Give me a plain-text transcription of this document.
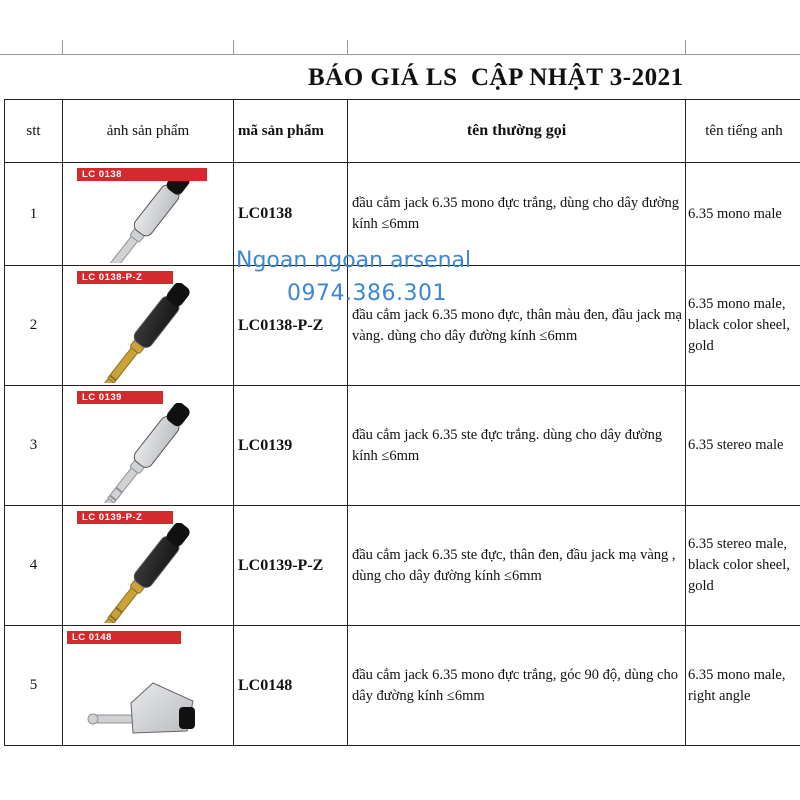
BÁO GIÁ LS  CẬP NHẬT 3-2021
stt	ảnh sản phẩm	mã sản phẩm	tên thường gọi	tên tiếng anh
1	LC 0138	LC0138	đầu cắm jack 6.35 mono đực trắng, dùng cho dây đường kính ≤6mm	6.35 mono male
2	LC 0138-P-Z	LC0138-P-Z	đầu cắm jack 6.35 mono đực, thân màu đen, đầu jack mạ vàng. dùng cho dây đường kính ≤6mm	6.35 mono male, black color sheel, gold
3	LC 0139	LC0139	đầu cắm jack 6.35 ste đực trắng. dùng cho dây đường kính ≤6mm	6.35 stereo male
4	LC 0139-P-Z	LC0139-P-Z	đầu cắm jack 6.35 ste đực, thân đen, đầu jack mạ vàng , dùng cho dây đường kính ≤6mm	6.35 stereo male, black color sheel, gold
5	LC 0148	LC0148	đầu cắm jack 6.35 mono đực trắng, góc 90 độ, dùng cho dây đường kính ≤6mm	6.35 mono male, right angle
Ngoan ngoan arsenal
0974.386.301
